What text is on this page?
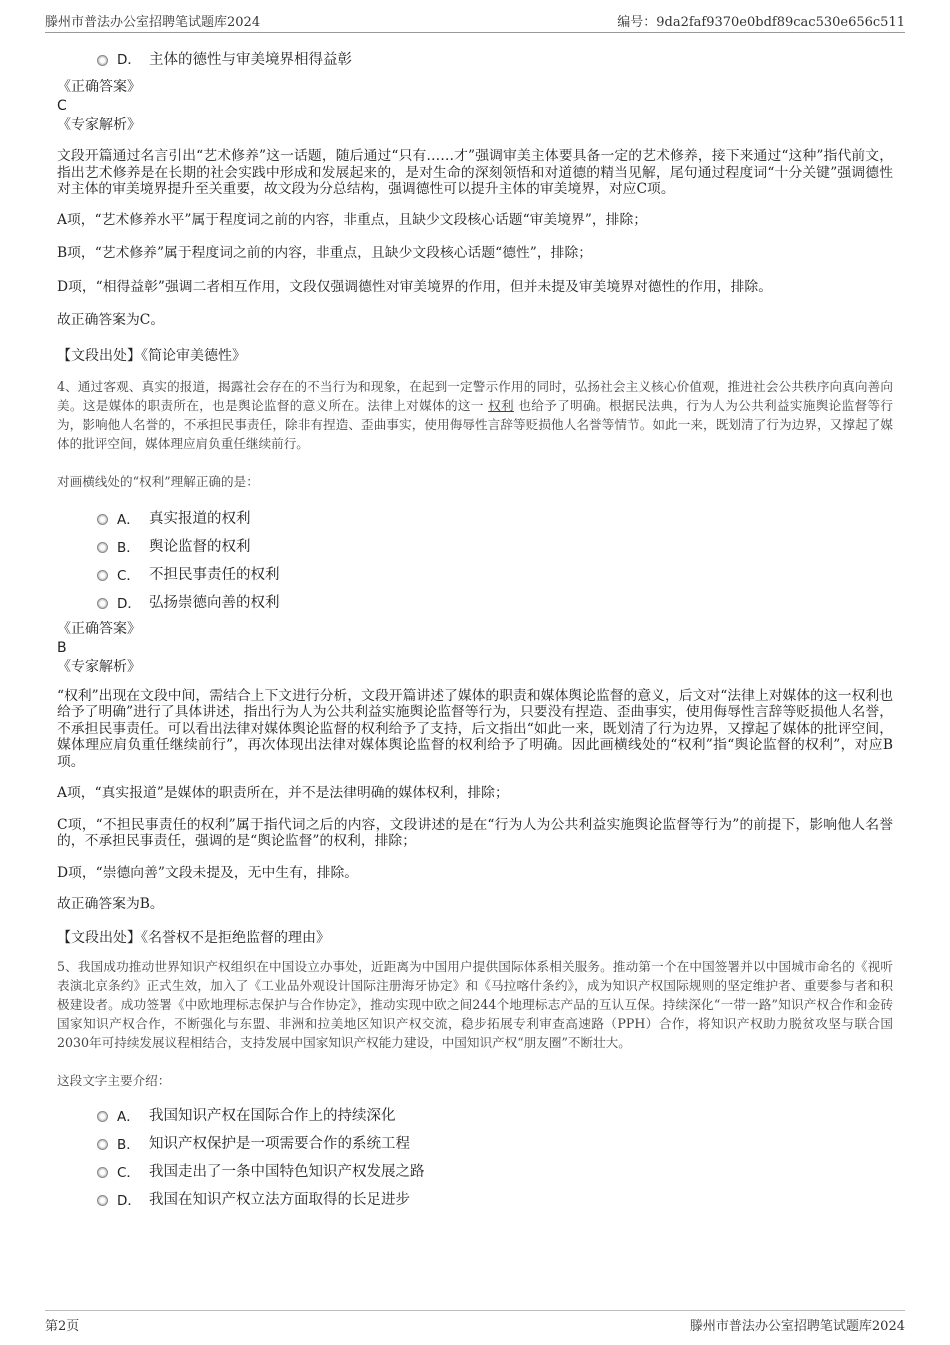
滕州市普法办公室招聘笔试题库2024	编号：9da2faf9370e0bdf89cac530e656c511
D． 主体的德性与审美境界相得益彰
《正确答案》
C
《专家解析》
文段开篇通过名言引出“艺术修养”这一话题，随后通过“只有……才”强调审美主体要具备一定的艺术修养，接下来通过“这种”指代前文，指出艺术修养是在长期的社会实践中形成和发展起来的，是对生命的深刻领悟和对道德的精当见解，尾句通过程度词“十分关键”强调德性对主体的审美境界提升至关重要，故文段为分总结构，强调德性可以提升主体的审美境界，对应C项。
A项，“艺术修养水平”属于程度词之前的内容，非重点，且缺少文段核心话题“审美境界”，排除；
B项，“艺术修养”属于程度词之前的内容，非重点，且缺少文段核心话题“德性”，排除；
D项，“相得益彰”强调二者相互作用，文段仅强调德性对审美境界的作用，但并未提及审美境界对德性的作用，排除。
故正确答案为C。
【文段出处】《简论审美德性》
4、通过客观、真实的报道，揭露社会存在的不当行为和现象，在起到一定警示作用的同时，弘扬社会主义核心价值观，推进社会公共秩序向真向善向美。这是媒体的职责所在，也是舆论监督的意义所在。法律上对媒体的这一 权利 也给予了明确。根据民法典，行为人为公共利益实施舆论监督等行为，影响他人名誉的，不承担民事责任，除非有捏造、歪曲事实，使用侮辱性言辞等贬损他人名誉等情节。如此一来，既划清了行为边界，又撑起了媒体的批评空间，媒体理应肩负重任继续前行。
对画横线处的“权利”理解正确的是：
A． 真实报道的权利
B． 舆论监督的权利
C． 不担民事责任的权利
D． 弘扬崇德向善的权利
《正确答案》
B
《专家解析》
“权利”出现在文段中间，需结合上下文进行分析，文段开篇讲述了媒体的职责和媒体舆论监督的意义，后文对“法律上对媒体的这一权利也给予了明确”进行了具体讲述，指出行为人为公共利益实施舆论监督等行为，只要没有捏造、歪曲事实，使用侮辱性言辞等贬损他人名誉，不承担民事责任。可以看出法律对媒体舆论监督的权利给予了支持，后文指出“如此一来，既划清了行为边界，又撑起了媒体的批评空间，媒体理应肩负重任继续前行”，再次体现出法律对媒体舆论监督的权利给予了明确。因此画横线处的“权利”指“舆论监督的权利”，对应B项。
A项，“真实报道”是媒体的职责所在，并不是法律明确的媒体权利，排除；
C项，“不担民事责任的权利”属于指代词之后的内容，文段讲述的是在“行为人为公共利益实施舆论监督等行为”的前提下，影响他人名誉的，不承担民事责任，强调的是“舆论监督”的权利，排除；
D项，“崇德向善”文段未提及，无中生有，排除。
故正确答案为B。
【文段出处】《名誉权不是拒绝监督的理由》
5、我国成功推动世界知识产权组织在中国设立办事处，近距离为中国用户提供国际体系相关服务。推动第一个在中国签署并以中国城市命名的《视听表演北京条约》正式生效，加入了《工业品外观设计国际注册海牙协定》和《马拉喀什条约》，成为知识产权国际规则的坚定维护者、重要参与者和积极建设者。成功签署《中欧地理标志保护与合作协定》，推动实现中欧之间244个地理标志产品的互认互保。持续深化“一带一路”知识产权合作和金砖国家知识产权合作，不断强化与东盟、非洲和拉美地区知识产权交流，稳步拓展专利审查高速路（PPH）合作，将知识产权助力脱贫攻坚与联合国2030年可持续发展议程相结合，支持发展中国家知识产权能力建设，中国知识产权“朋友圈”不断壮大。
这段文字主要介绍：
A． 我国知识产权在国际合作上的持续深化
B． 知识产权保护是一项需要合作的系统工程
C． 我国走出了一条中国特色知识产权发展之路
D． 我国在知识产权立法方面取得的长足进步
第2页	滕州市普法办公室招聘笔试题库2024
